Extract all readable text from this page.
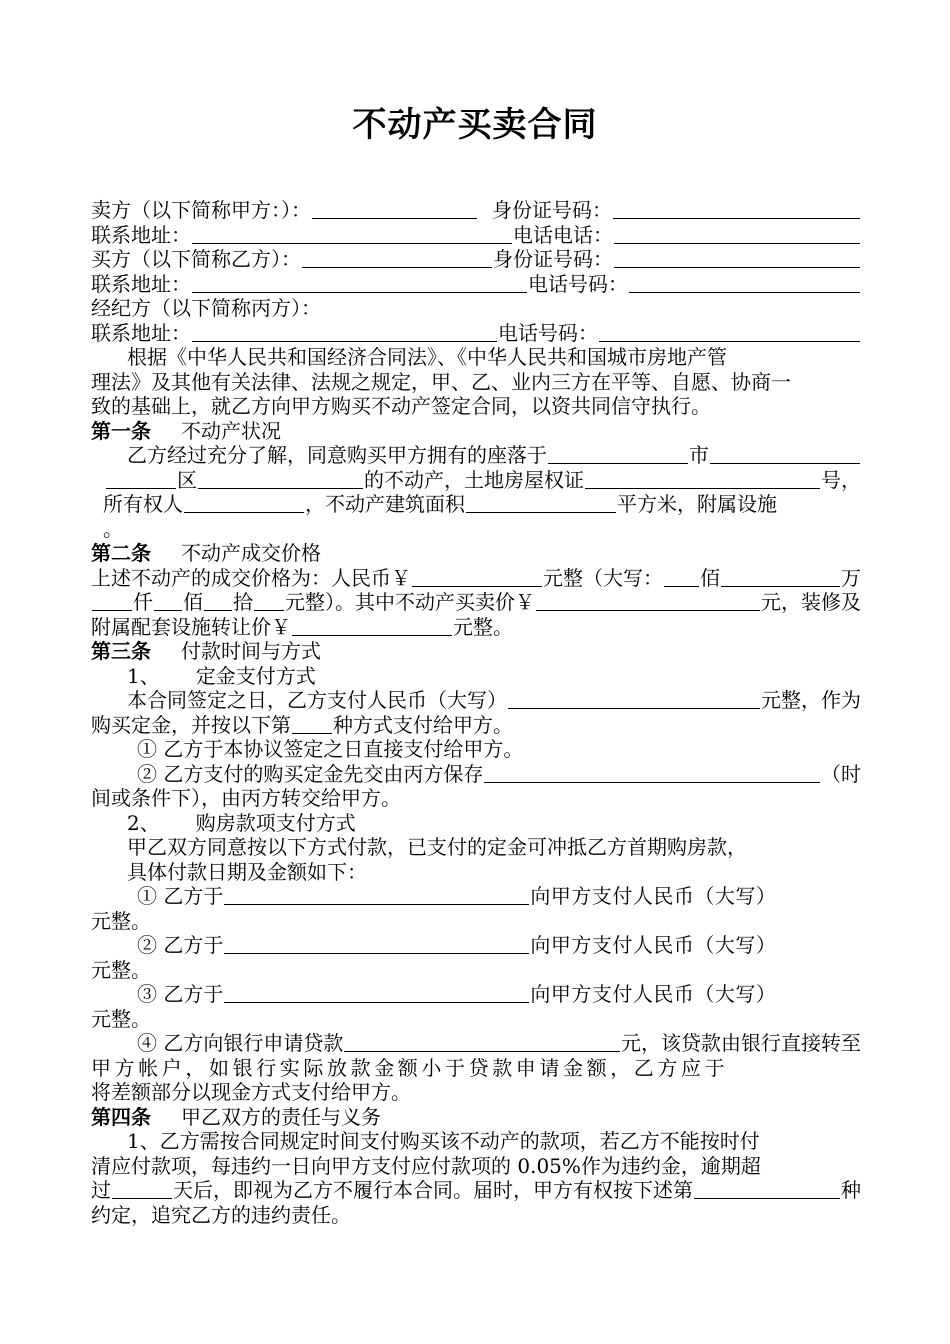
不动产买卖合同
卖方（以下简称甲方：）：	身份证号码：
联系地址：	电话电话：
买方（以下简称乙方）：	身份证号码：
联系地址：	电话号码：
经纪方（以下简称丙方）：
联系地址：	电话号码：
根据《中华人民共和国经济合同法》、《中华人民共和国城市房地产管
理法》及其他有关法律、法规之规定，甲、乙、业内三方在平等、自愿、协商一
致的基础上，就乙方向甲方购买不动产签定合同，以资共同信守执行。
第一条 不动产状况
乙方经过充分了解，同意购买甲方拥有的座落于	市
区	的不动产，土地房屋权证	号，
所有权人	，不动产建筑面积	平方米，附属设施
。
第二条 不动产成交价格
上述不动产的成交价格为：人民币￥	元整（大写： 佰	万
仟 佰 拾 元整）。其中不动产买卖价￥	元，装修及
附属配套设施转让价￥	元整。
第三条 付款时间与方式
1、 定金支付方式
本合同签定之日，乙方支付人民币（大写）	元整，作为
购买定金，并按以下第 种方式支付给甲方。
① 乙方于本协议签定之日直接支付给甲方。
② 乙方支付的购买定金先交由丙方保存	（时
间或条件下），由丙方转交给甲方。
2、 购房款项支付方式
甲乙双方同意按以下方式付款，已支付的定金可冲抵乙方首期购房款，
具体付款日期及金额如下：
① 乙方于	向甲方支付人民币（大写）
元整。
② 乙方于	向甲方支付人民币（大写）
元整。
③ 乙方于	向甲方支付人民币（大写）
元整。
④ 乙方向银行申请贷款	元，该贷款由银行直接转至
甲方帐户，如银行实际放款金额小于贷款申请金额，乙方应于
将差额部分以现金方式支付给甲方。
第四条 甲乙双方的责任与义务
1、乙方需按合同规定时间支付购买该不动产的款项，若乙方不能按时付
清应付款项，每违约一日向甲方支付应付款项的 0.05%作为违约金，逾期超
过	天后，即视为乙方不履行本合同。届时，甲方有权按下述第	种
约定，追究乙方的违约责任。
